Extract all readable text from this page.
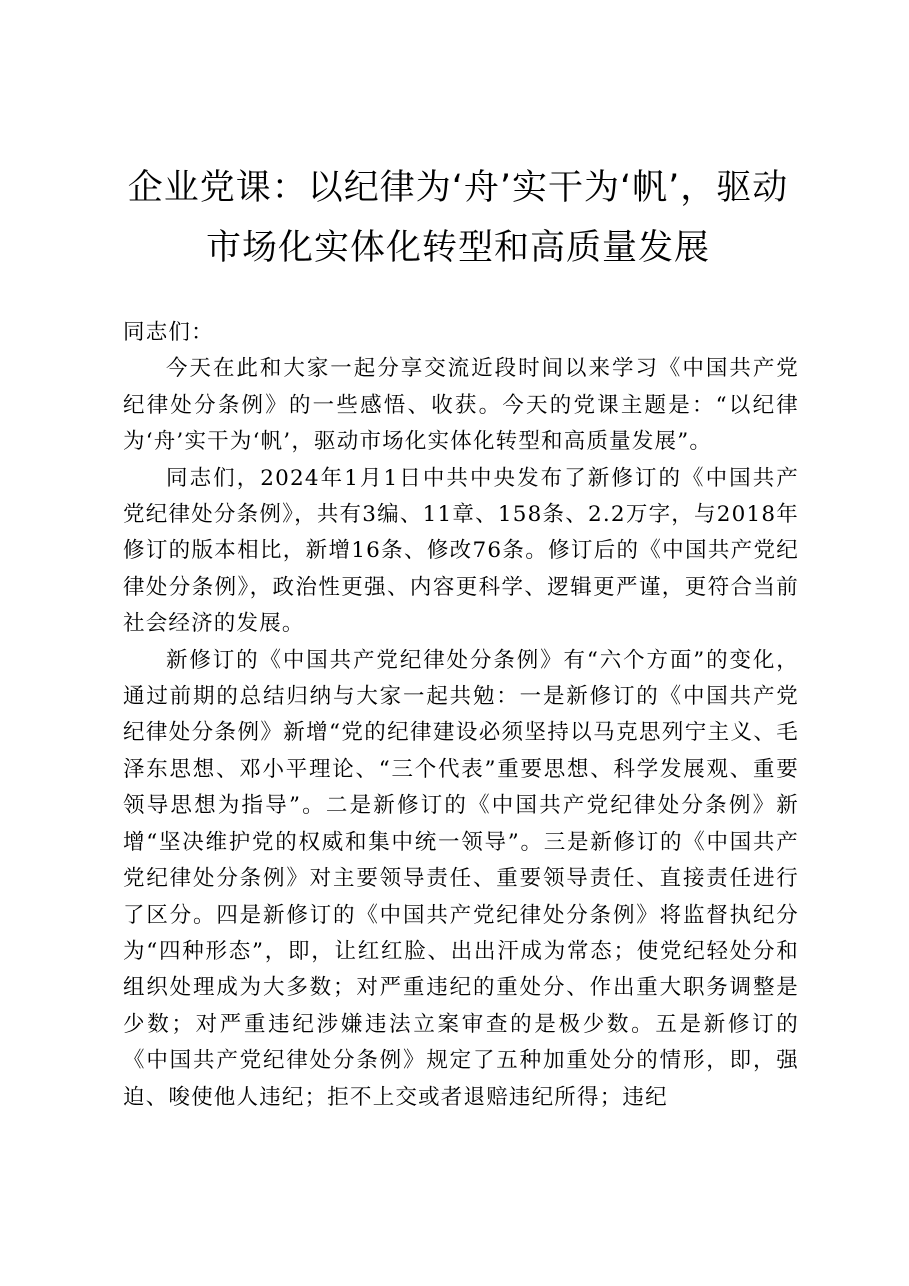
企业党课：以纪律为‘舟’实干为‘帆’，驱动市场化实体化转型和高质量发展

同志们：

今天在此和大家一起分享交流近段时间以来学习《中国共产党纪律处分条例》的一些感悟、收获。今天的党课主题是：“以纪律为‘舟’实干为‘帆’，驱动市场化实体化转型和高质量发展”。

同志们，2024年1月1日中共中央发布了新修订的《中国共产党纪律处分条例》，共有3编、11章、158条、2.2万字，与2018年修订的版本相比，新增16条、修改76条。修订后的《中国共产党纪律处分条例》，政治性更强、内容更科学、逻辑更严谨，更符合当前社会经济的发展。

新修订的《中国共产党纪律处分条例》有“六个方面”的变化，通过前期的总结归纳与大家一起共勉：一是新修订的《中国共产党纪律处分条例》新增“党的纪律建设必须坚持以马克思列宁主义、毛泽东思想、邓小平理论、“三个代表”重要思想、科学发展观、重要领导思想为指导”。二是新修订的《中国共产党纪律处分条例》新增“坚决维护党的权威和集中统一领导”。三是新修订的《中国共产党纪律处分条例》对主要领导责任、重要领导责任、直接责任进行了区分。四是新修订的《中国共产党纪律处分条例》将监督执纪分为“四种形态”，即，让红红脸、出出汗成为常态；使党纪轻处分和组织处理成为大多数；对严重违纪的重处分、作出重大职务调整是少数；对严重违纪涉嫌违法立案审查的是极少数。五是新修订的《中国共产党纪律处分条例》规定了五种加重处分的情形，即，强迫、唆使他人违纪；拒不上交或者退赔违纪所得；违纪
